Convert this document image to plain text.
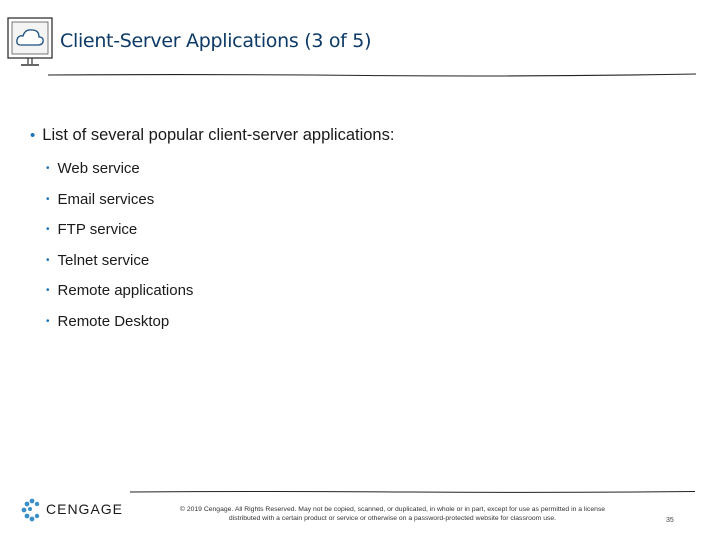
Client-Server Applications (3 of 5)
• List of several popular client-server applications:
• Web service
• Email services
• FTP service
• Telnet service
• Remote applications
• Remote Desktop
CENGAGE	© 2019 Cengage. All Rights Reserved. May not be copied, scanned, or duplicated, in whole or in part, except for use as permitted in a license
distributed with a certain product or service or otherwise on a password-protected website for classroom use.	35
